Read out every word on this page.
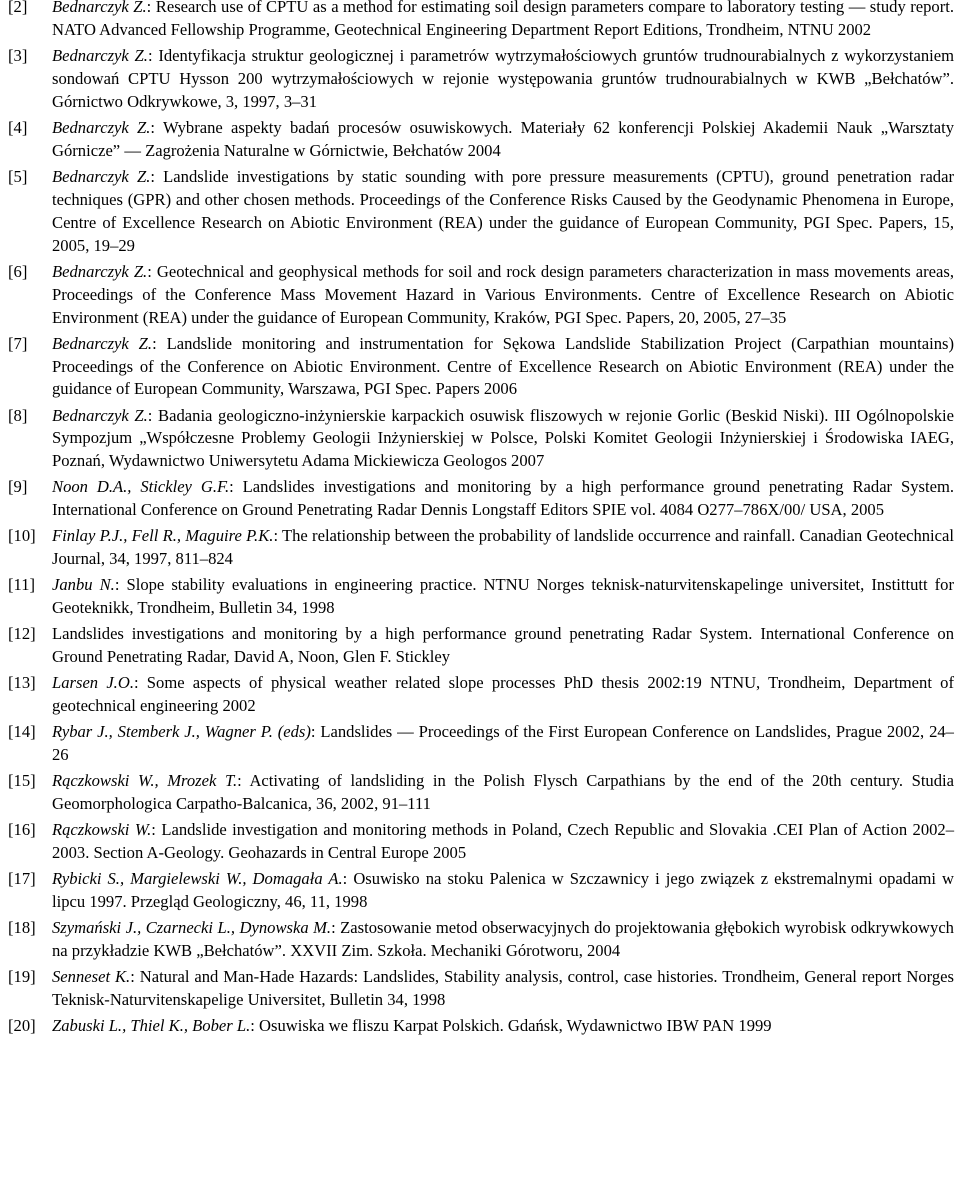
[2]	Bednarczyk Z.: Research use of CPTU as a method for estimating soil design parameters compare to laboratory testing — study report. NATO Advanced Fellowship Programme, Geotechnical Engineering Department Report Editions, Trondheim, NTNU 2002
[3]	Bednarczyk Z.: Identyfikacja struktur geologicznej i parametrów wytrzymałościowych gruntów trudnourabialnych z wykorzystaniem sondowań CPTU Hysson 200 wytrzymałościowych w rejonie występowania gruntów trudnourabialnych w KWB „Bełchatów”. Górnictwo Odkrywkowe, 3, 1997, 3–31
[4]	Bednarczyk Z.: Wybrane aspekty badań procesów osuwiskowych. Materiały 62 konferencji Polskiej Akademii Nauk „Warsztaty Górnicze” — Zagrożenia Naturalne w Górnictwie, Bełchatów 2004
[5]	Bednarczyk Z.: Landslide investigations by static sounding with pore pressure measurements (CPTU), ground penetration radar techniques (GPR) and other chosen methods. Proceedings of the Conference Risks Caused by the Geodynamic Phenomena in Europe, Centre of Excellence Research on Abiotic Environment (REA) under the guidance of European Community, PGI Spec. Papers, 15, 2005, 19–29
[6]	Bednarczyk Z.: Geotechnical and geophysical methods for soil and rock design parameters characterization in mass movements areas, Proceedings of the Conference Mass Movement Hazard in Various Environments. Centre of Excellence Research on Abiotic Environment (REA) under the guidance of European Community, Kraków, PGI Spec. Papers, 20, 2005, 27–35
[7]	Bednarczyk Z.: Landslide monitoring and instrumentation for Sękowa Landslide Stabilization Project (Carpathian mountains) Proceedings of the Conference on Abiotic Environment. Centre of Excellence Research on Abiotic Environment (REA) under the guidance of European Community, Warszawa, PGI Spec. Papers 2006
[8]	Bednarczyk Z.: Badania geologiczno-inżynierskie karpackich osuwisk fliszowych w rejonie Gorlic (Beskid Niski). III Ogólnopolskie Sympozjum „Współczesne Problemy Geologii Inżynierskiej w Polsce, Polski Komitet Geologii Inżynierskiej i Środowiska IAEG, Poznań, Wydawnictwo Uniwersytetu Adama Mickiewicza Geologos 2007
[9]	Noon D.A., Stickley G.F.: Landslides investigations and monitoring by a high performance ground penetrating Radar System. International Conference on Ground Penetrating Radar Dennis Longstaff Editors SPIE vol. 4084 O277–786X/00/ USA, 2005
[10] Finlay P.J., Fell R., Maguire P.K.: The relationship between the probability of landslide occurrence and rainfall. Canadian Geotechnical Journal, 34, 1997, 811–824
[11]	Janbu N.: Slope stability evaluations in engineering practice. NTNU Norges teknisk-naturvitenskapelinge universitet, Instittutt for Geoteknikk, Trondheim, Bulletin 34, 1998
[12] Landslides investigations and monitoring by a high performance ground penetrating Radar System. International Conference on Ground Penetrating Radar, David A, Noon, Glen F. Stickley
[13] Larsen J.O.: Some aspects of physical weather related slope processes PhD thesis 2002:19 NTNU, Trondheim, Department of geotechnical engineering 2002
[14] Rybar J., Stemberk J., Wagner P. (eds): Landslides — Proceedings of the First European Conference on Landslides, Prague 2002, 24–26
[15] Rączkowski W., Mrozek T.: Activating of landsliding in the Polish Flysch Carpathians by the end of the 20th century. Studia Geomorphologica Carpatho-Balcanica, 36, 2002, 91–111
[16] Rączkowski W.: Landslide investigation and monitoring methods in Poland, Czech Republic and Slovakia .CEI Plan of Action 2002–2003. Section A-Geology. Geohazards in Central Europe 2005
[17] Rybicki S., Margielewski W., Domagała A.: Osuwisko na stoku Palenica w Szczawnicy i jego związek z ekstremalnymi opadami w lipcu 1997. Przegląd Geologiczny, 46, 11, 1998
[18] Szymański J., Czarnecki L., Dynowska M.: Zastosowanie metod obserwacyjnych do projektowania głębokich wyrobisk odkrywkowych na przykładzie KWB „Bełchatów”. XXVII Zim. Szkoła. Mechaniki Górotworu, 2004
[19] Senneset K.: Natural and Man-Hade Hazards: Landslides, Stability analysis, control, case histories. Trondheim, General report Norges Teknisk-Naturvitenskapelige Universitet, Bulletin 34, 1998
[20] Zabuski L., Thiel K., Bober L.: Osuwiska we fliszu Karpat Polskich. Gdańsk, Wydawnictwo IBW PAN 1999
